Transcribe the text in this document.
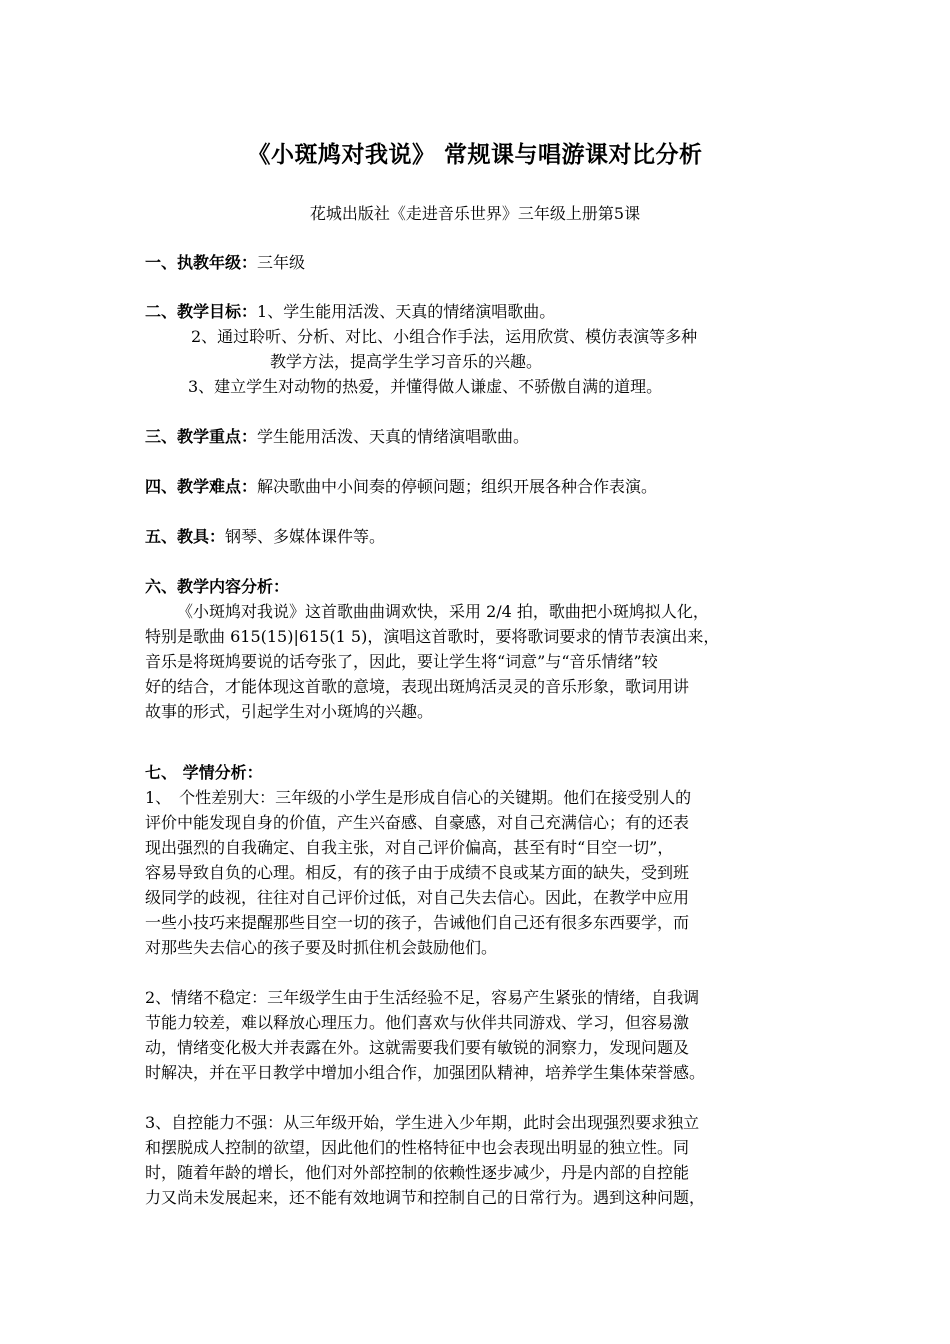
《小斑鸠对我说》 常规课与唱游课对比分析
花城出版社《走进音乐世界》三年级上册第5课
一、执教年级：三年级
二、教学目标：1、学生能用活泼、天真的情绪演唱歌曲。
2、通过聆听、分析、对比、小组合作手法，运用欣赏、模仿表演等多种
教学方法，提高学生学习音乐的兴趣。
3、建立学生对动物的热爱，并懂得做人谦虚、不骄傲自满的道理。
三、教学重点：学生能用活泼、天真的情绪演唱歌曲。
四、教学难点：解决歌曲中小间奏的停顿问题；组织开展各种合作表演。
五、教具：钢琴、多媒体课件等。
六、教学内容分析：
《小斑鸠对我说》这首歌曲曲调欢快，采用 2/4 拍，歌曲把小斑鸠拟人化，
特别是歌曲 615(15)|615(1 5)，演唱这首歌时，要将歌词要求的情节表演出来，
音乐是将斑鸠要说的话夸张了，因此，要让学生将“词意”与“音乐情绪”较
好的结合，才能体现这首歌的意境，表现出斑鸠活灵灵的音乐形象，歌词用讲
故事的形式，引起学生对小斑鸠的兴趣。
七、 学情分析：
1、　个性差别大：三年级的小学生是形成自信心的关键期。他们在接受别人的
评价中能发现自身的价值，产生兴奋感、自豪感，对自己充满信心；有的还表
现出强烈的自我确定、自我主张，对自己评价偏高，甚至有时“目空一切”，
容易导致自负的心理。相反，有的孩子由于成绩不良或某方面的缺失，受到班
级同学的歧视，往往对自己评价过低，对自己失去信心。因此，在教学中应用
一些小技巧来提醒那些目空一切的孩子，告诫他们自己还有很多东西要学，而
对那些失去信心的孩子要及时抓住机会鼓励他们。
2、情绪不稳定：三年级学生由于生活经验不足，容易产生紧张的情绪，自我调
节能力较差，难以释放心理压力。他们喜欢与伙伴共同游戏、学习，但容易激
动，情绪变化极大并表露在外。这就需要我们要有敏锐的洞察力，发现问题及
时解决，并在平日教学中增加小组合作，加强团队精神，培养学生集体荣誉感。
3、自控能力不强：从三年级开始，学生进入少年期，此时会出现强烈要求独立
和摆脱成人控制的欲望，因此他们的性格特征中也会表现出明显的独立性。同
时，随着年龄的增长，他们对外部控制的依赖性逐步减少，丹是内部的自控能
力又尚未发展起来，还不能有效地调节和控制自己的日常行为。遇到这种问题，
